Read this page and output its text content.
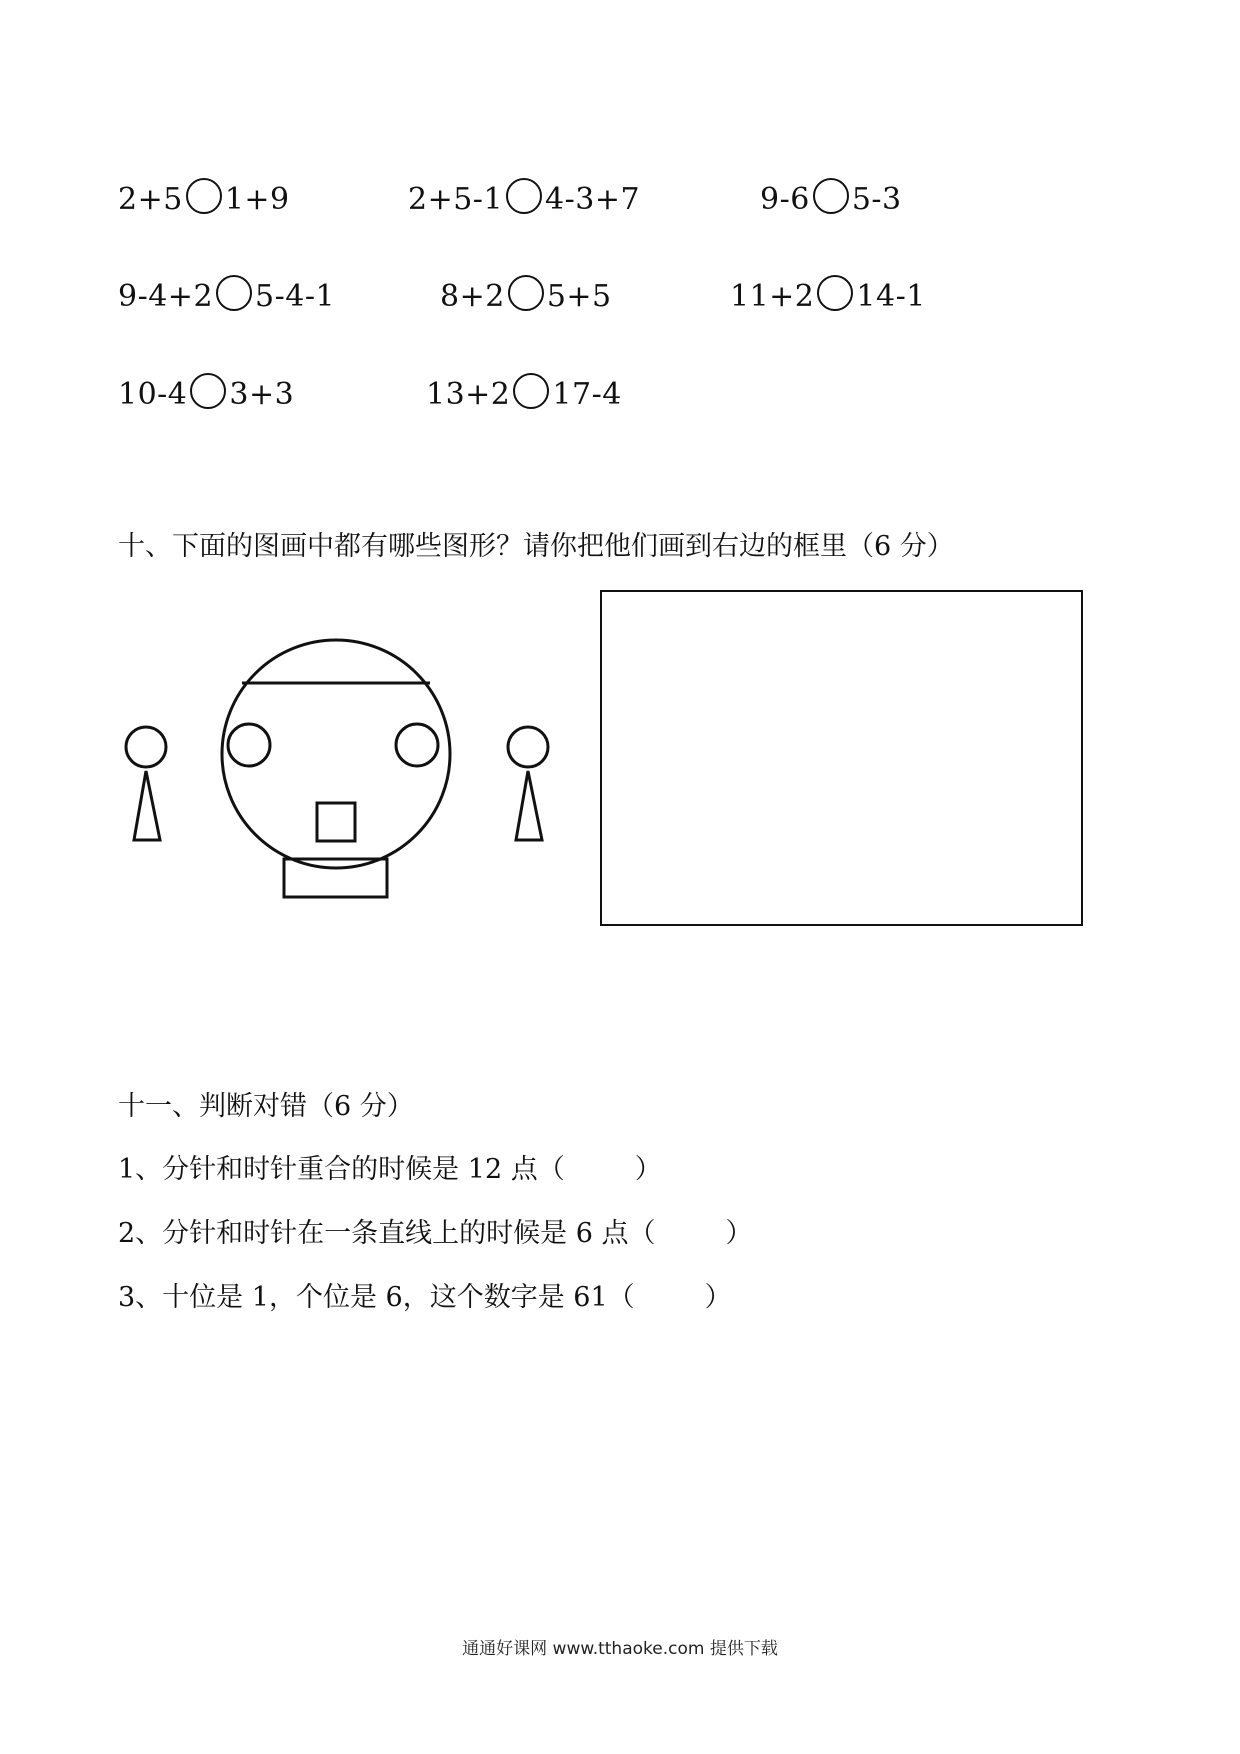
2+5 1+9	2+5-1 4-3+7	9-6 5-3
9-4+2 5-4-1	8+2 5+5	11+2 14-1
10-4 3+3	13+2 17-4
十、下面的图画中都有哪些图形？请你把他们画到右边的框里（6 分）
十一、判断对错（6 分）
1、分针和时针重合的时候是 12 点（	）
2、分针和时针在一条直线上的时候是 6 点（	）
3、十位是 1，个位是 6，这个数字是 61（	）
通通好课网 www.tthaoke.com 提供下载
